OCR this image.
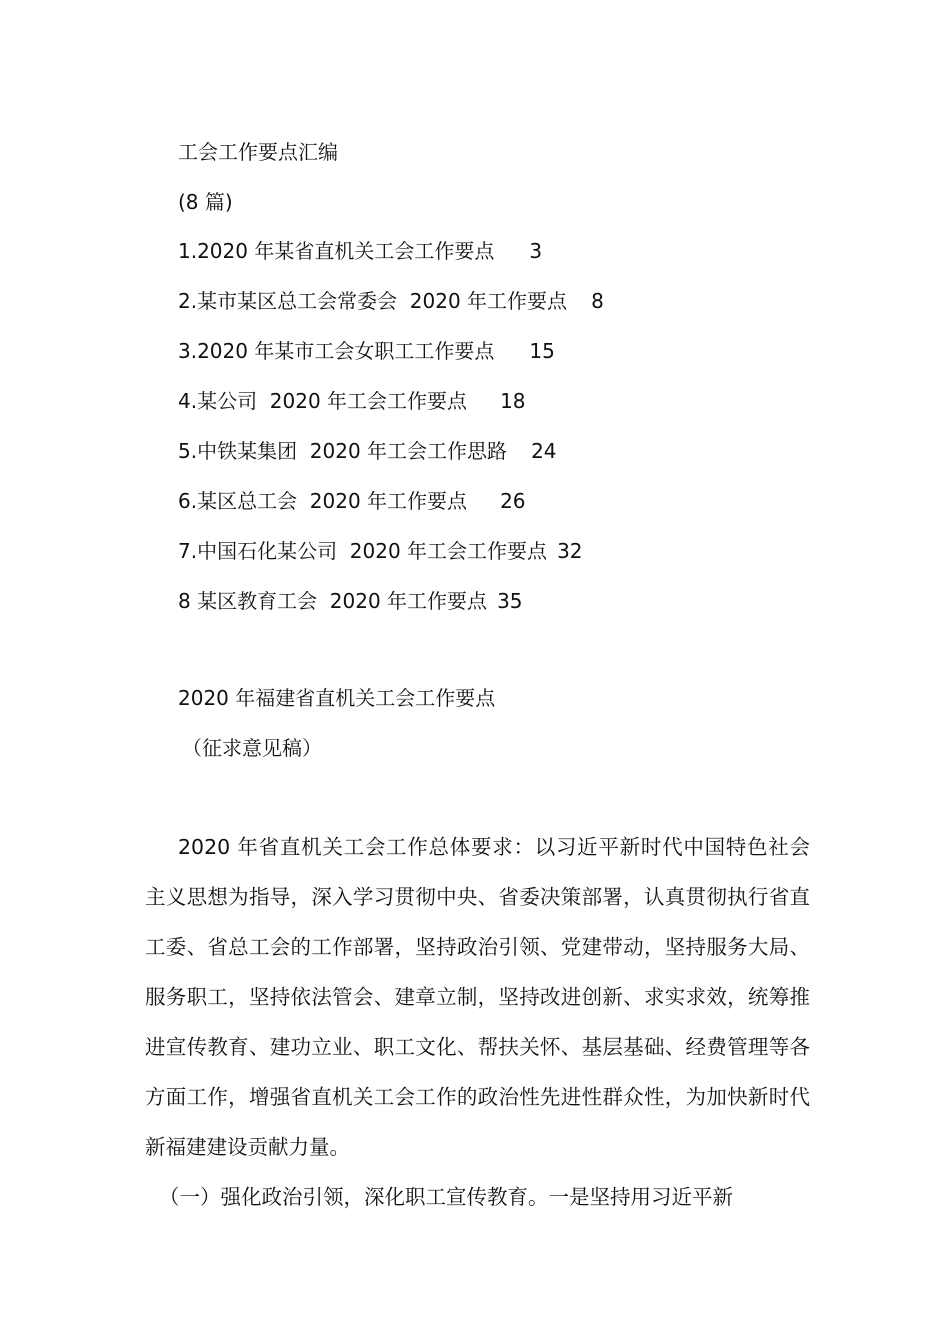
工会工作要点汇编
(8 篇)
1.2020 年某省直机关工会工作要点 3
2.某市某区总工会常委会  2020 年工作要点 8
3.2020 年某市工会女职工工作要点 15
4.某公司  2020 年工会工作要点 18
5.中铁某集团  2020 年工会工作思路 24
6.某区总工会  2020 年工作要点 26
7.中国石化某公司  2020 年工会工作要点 32
8 某区教育工会  2020 年工作要点 35
2020 年福建省直机关工会工作要点
（征求意见稿）

2020 年省直机关工会工作总体要求：以习近平新时代中国特色社会主义思想为指导，深入学习贯彻中央、省委决策部署，认真贯彻执行省直工委、省总工会的工作部署，坚持政治引领、党建带动，坚持服务大局、服务职工，坚持依法管会、建章立制，坚持改进创新、求实求效，统筹推进宣传教育、建功立业、职工文化、帮扶关怀、基层基础、经费管理等各方面工作，增强省直机关工会工作的政治性先进性群众性，为加快新时代新福建建设贡献力量。

（一）强化政治引领，深化职工宣传教育。一是坚持用习近平新
